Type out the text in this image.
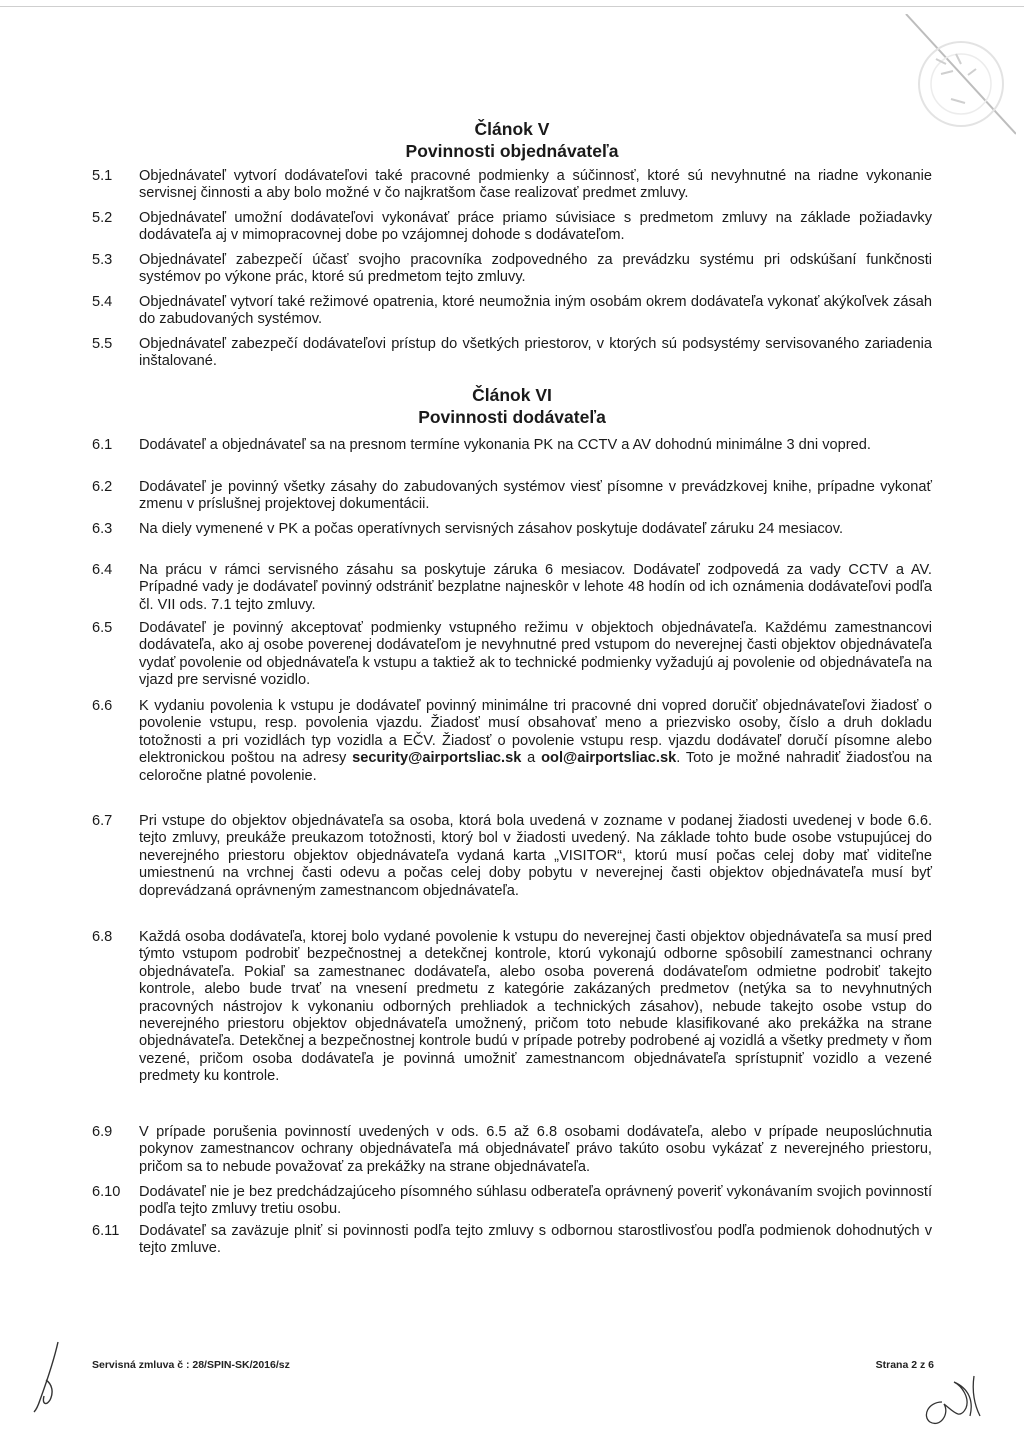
Článok V
Povinnosti objednávateľa
5.1	Objednávateľ vytvorí dodávateľovi také pracovné podmienky a súčinnosť, ktoré sú nevyhnutné na riadne vykonanie servisnej činnosti a aby bolo možné v čo najkratšom čase realizovať predmet zmluvy.
5.2	Objednávateľ umožní dodávateľovi vykonávať práce priamo súvisiace s predmetom zmluvy na základe požiadavky dodávateľa aj v mimopracovnej dobe po vzájomnej dohode s dodávateľom.
5.3	Objednávateľ zabezpečí účasť svojho pracovníka zodpovedného za prevádzku systému pri odskúšaní funkčnosti systémov po výkone prác, ktoré sú predmetom tejto zmluvy.
5.4	Objednávateľ vytvorí také režimové opatrenia, ktoré neumožnia iným osobám okrem dodávateľa vykonať akýkoľvek zásah do zabudovaných systémov.
5.5	Objednávateľ zabezpečí dodávateľovi prístup do všetkých priestorov, v ktorých sú podsystémy servisovaného zariadenia inštalované.
Článok VI
Povinnosti dodávateľa
6.1	Dodávateľ a objednávateľ sa na presnom termíne vykonania PK na CCTV a AV dohodnú minimálne 3 dni vopred.
6.2	Dodávateľ je povinný všetky zásahy do zabudovaných systémov viesť písomne v prevádzkovej knihe, prípadne vykonať zmenu v príslušnej projektovej dokumentácii.
6.3	Na diely vymenené v PK a počas operatívnych servisných zásahov poskytuje dodávateľ záruku 24 mesiacov.
6.4	Na prácu v rámci servisného zásahu sa poskytuje záruka 6 mesiacov. Dodávateľ zodpovedá za vady CCTV a AV. Prípadné vady je dodávateľ povinný odstrániť bezplatne najneskôr v lehote 48 hodín od ich oznámenia dodávateľovi podľa čl. VII ods. 7.1 tejto zmluvy.
6.5	Dodávateľ je povinný akceptovať podmienky vstupného režimu v objektoch objednávateľa. Každému zamestnancovi dodávateľa, ako aj osobe poverenej dodávateľom je nevyhnutné pred vstupom do neverejnej časti objektov objednávateľa vydať povolenie od objednávateľa k vstupu a taktiež ak to technické podmienky vyžadujú aj povolenie od objednávateľa na vjazd pre servisné vozidlo.
6.6	K vydaniu povolenia k vstupu je dodávateľ povinný minimálne tri pracovné dni vopred doručiť objednávateľovi žiadosť o povolenie vstupu, resp. povolenia vjazdu. Žiadosť musí obsahovať meno a priezvisko osoby, číslo a druh dokladu totožnosti a pri vozidlách typ vozidla a EČV. Žiadosť o povolenie vstupu resp. vjazdu dodávateľ doručí písomne alebo elektronickou poštou na adresy security@airportsliac.sk a ool@airportsliac.sk. Toto je možné nahradiť žiadosťou na celoročne platné povolenie.
6.7	Pri vstupe do objektov objednávateľa sa osoba, ktorá bola uvedená v zozname v podanej žiadosti uvedenej v bode 6.6. tejto zmluvy, preukáže preukazom totožnosti, ktorý bol v žiadosti uvedený. Na základe tohto bude osobe vstupujúcej do neverejného priestoru objektov objednávateľa vydaná karta „VISITOR“, ktorú musí počas celej doby mať viditeľne umiestnenú na vrchnej časti odevu a počas celej doby pobytu v neverejnej časti objektov objednávateľa musí byť doprevádzaná oprávneným zamestnancom objednávateľa.
6.8	Každá osoba dodávateľa, ktorej bolo vydané povolenie k vstupu do neverejnej časti objektov objednávateľa sa musí pred týmto vstupom podrobiť bezpečnostnej a detekčnej kontrole, ktorú vykonajú odborne spôsobilí zamestnanci ochrany objednávateľa. Pokiaľ sa zamestnanec dodávateľa, alebo osoba poverená dodávateľom odmietne podrobiť takejto kontrole, alebo bude trvať na vnesení predmetu z kategórie zakázaných predmetov (netýka sa to nevyhnutných pracovných nástrojov k vykonaniu odborných prehliadok a technických zásahov), nebude takejto osobe vstup do neverejného priestoru objektov objednávateľa umožnený, pričom toto nebude klasifikované ako prekážka na strane objednávateľa. Detekčnej a bezpečnostnej kontrole budú v prípade potreby podrobené aj vozidlá a všetky predmety v ňom vezené, pričom osoba dodávateľa je povinná umožniť zamestnancom objednávateľa sprístupniť vozidlo a vezené predmety ku kontrole.
6.9	V prípade porušenia povinností uvedených v ods. 6.5 až 6.8 osobami dodávateľa, alebo v prípade neuposlúchnutia pokynov zamestnancov ochrany objednávateľa má objednávateľ právo takúto osobu vykázať z neverejného priestoru, pričom sa to nebude považovať za prekážky na strane objednávateľa.
6.10	Dodávateľ nie je bez predchádzajúceho písomného súhlasu odberateľa oprávnený poveriť vykonávaním svojich povinností podľa tejto zmluvy tretiu osobu.
6.11	Dodávateľ sa zaväzuje plniť si povinnosti podľa tejto zmluvy s odbornou starostlivosťou podľa podmienok dohodnutých v tejto zmluve.
Servisná zmluva č : 28/SPIN-SK/2016/sz	Strana 2 z 6
